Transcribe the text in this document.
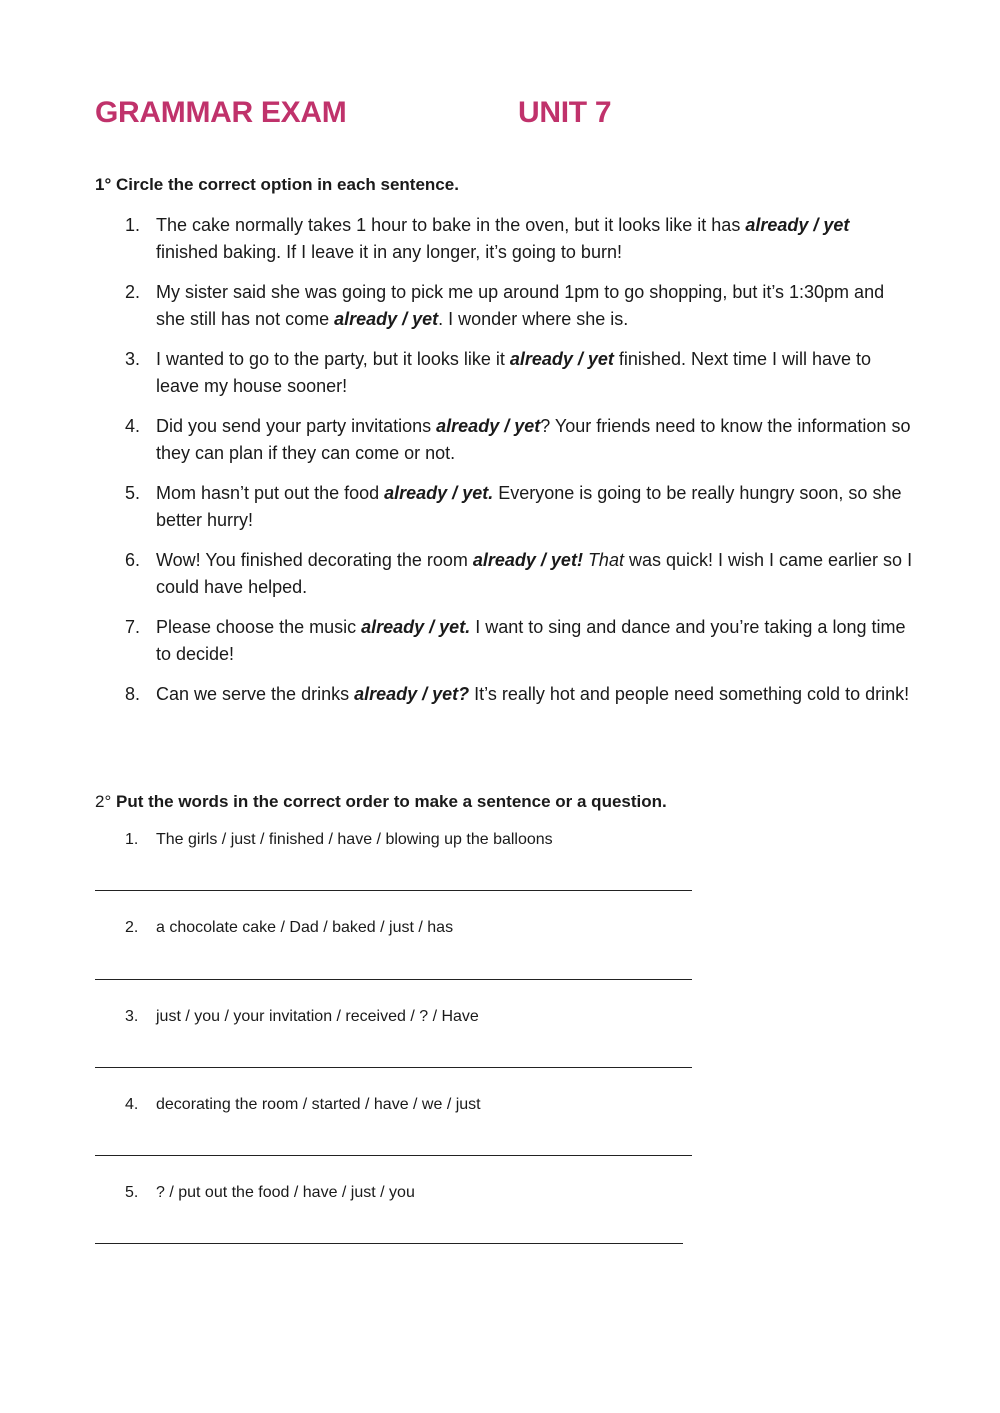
GRAMMAR EXAM	UNIT 7
1° Circle the correct option in each sentence.
1. The cake normally takes 1 hour to bake in the oven, but it looks like it has already / yet finished baking. If I leave it in any longer, it’s going to burn!
2. My sister said she was going to pick me up around 1pm to go shopping, but it’s 1:30pm and she still has not come already / yet. I wonder where she is.
3. I wanted to go to the party, but it looks like it already / yet finished. Next time I will have to leave my house sooner!
4. Did you send your party invitations already / yet? Your friends need to know the information so they can plan if they can come or not.
5. Mom hasn’t put out the food already / yet. Everyone is going to be really hungry soon, so she better hurry!
6. Wow! You finished decorating the room already / yet! That was quick! I wish I came earlier so I could have helped.
7. Please choose the music already / yet. I want to sing and dance and you’re taking a long time to decide!
8. Can we serve the drinks already / yet? It’s really hot and people need something cold to drink!
2° Put the words in the correct order to make a sentence or a question.
1.	The girls / just / finished / have / blowing up the balloons
2.	a chocolate cake / Dad / baked / just / has
3.	just / you / your invitation / received / ? / Have
4.	decorating the room / started / have / we / just
5.	? / put out the food / have / just / you
